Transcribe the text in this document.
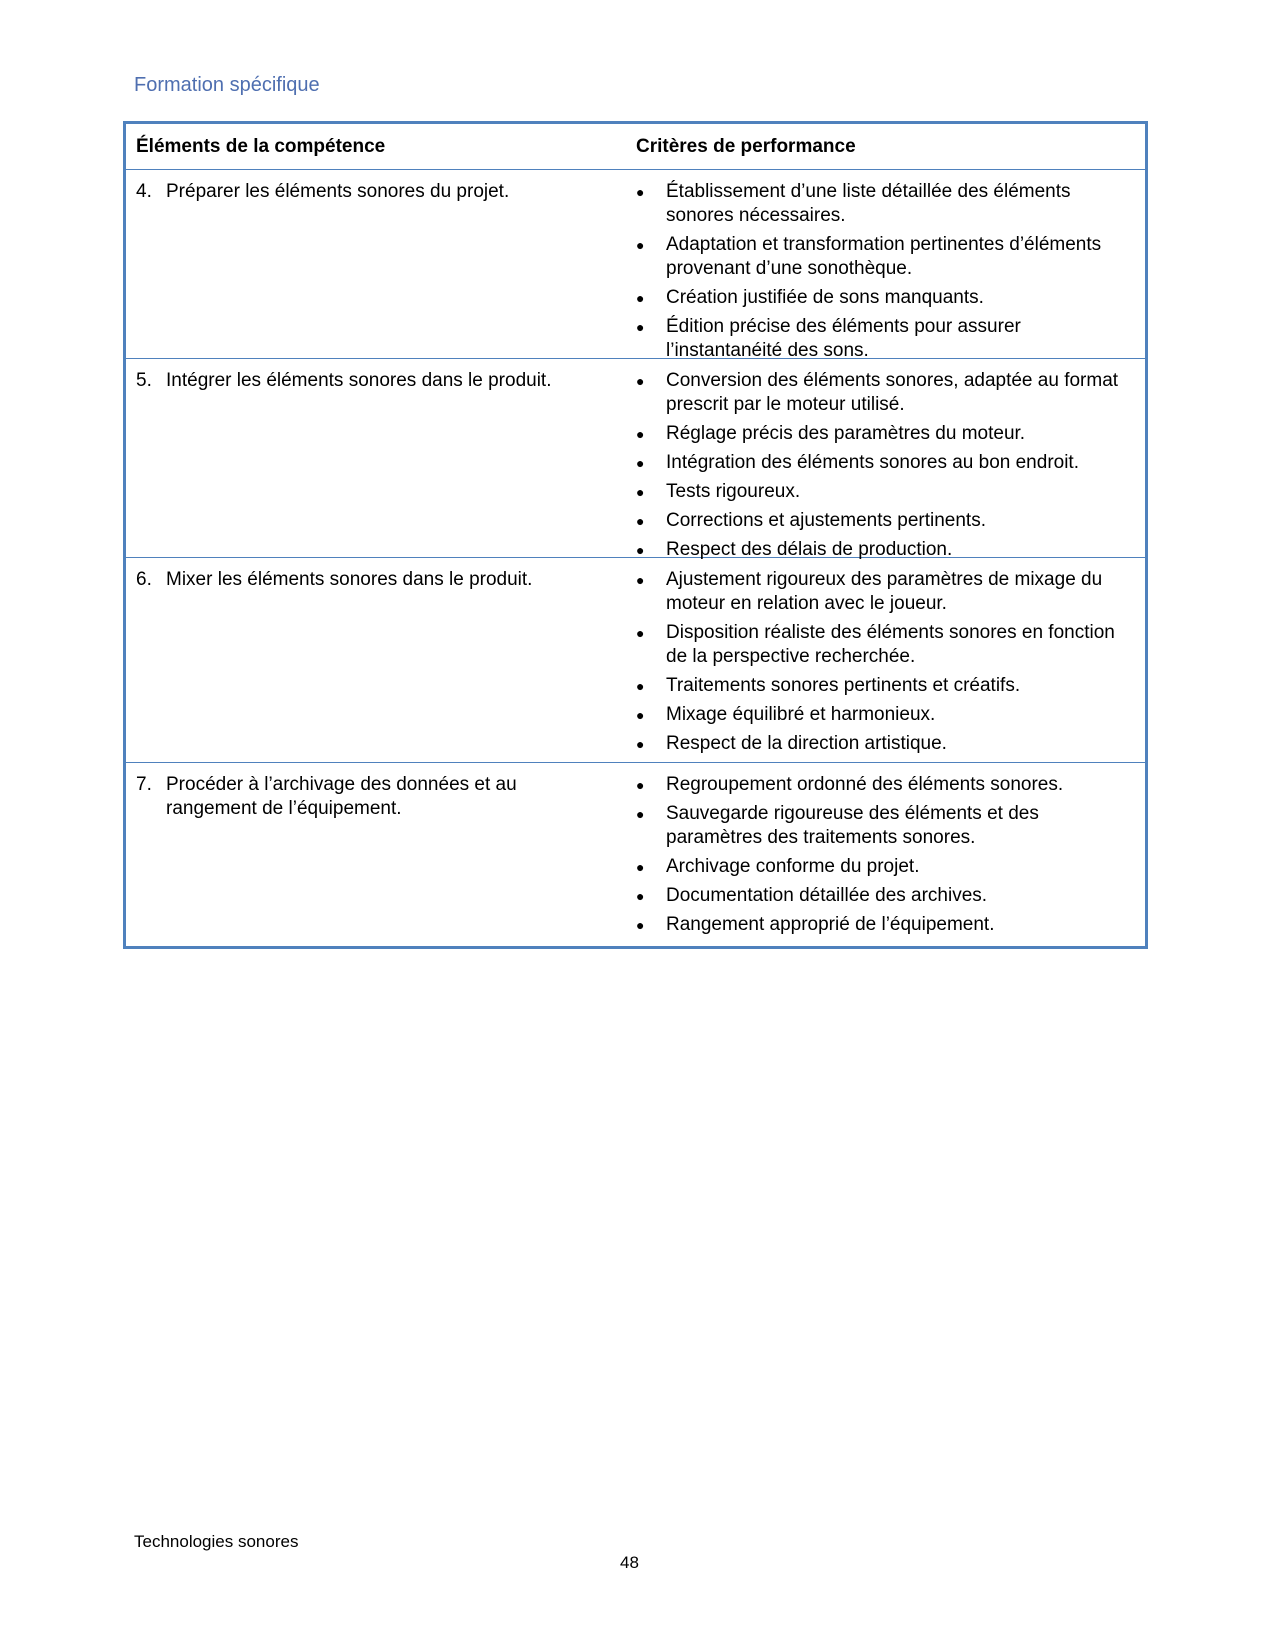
Formation spécifique
Éléments de la compétence	Critères de performance
4. Préparer les éléments sonores du projet.	●	Établissement d’une liste détaillée des éléments sonores nécessaires.
●	Adaptation et transformation pertinentes d’éléments provenant d’une sonothèque.
●	Création justifiée de sons manquants.
●	Édition précise des éléments pour assurer l’instantanéité des sons.
5. Intégrer les éléments sonores dans le produit.	●	Conversion des éléments sonores, adaptée au format prescrit par le moteur utilisé.
●	Réglage précis des paramètres du moteur.
●	Intégration des éléments sonores au bon endroit.
●	Tests rigoureux.
●	Corrections et ajustements pertinents.
●	Respect des délais de production.
6. Mixer les éléments sonores dans le produit.	●	Ajustement rigoureux des paramètres de mixage du moteur en relation avec le joueur.
●	Disposition réaliste des éléments sonores en fonction de la perspective recherchée.
●	Traitements sonores pertinents et créatifs.
●	Mixage équilibré et harmonieux.
●	Respect de la direction artistique.
7. Procéder à l’archivage des données et au rangement de l’équipement.
●	Regroupement ordonné des éléments sonores.
●	Sauvegarde rigoureuse des éléments et des paramètres des traitements sonores.
●	Archivage conforme du projet.
●	Documentation détaillée des archives.
●	Rangement approprié de l’équipement.
Technologies sonores
48
